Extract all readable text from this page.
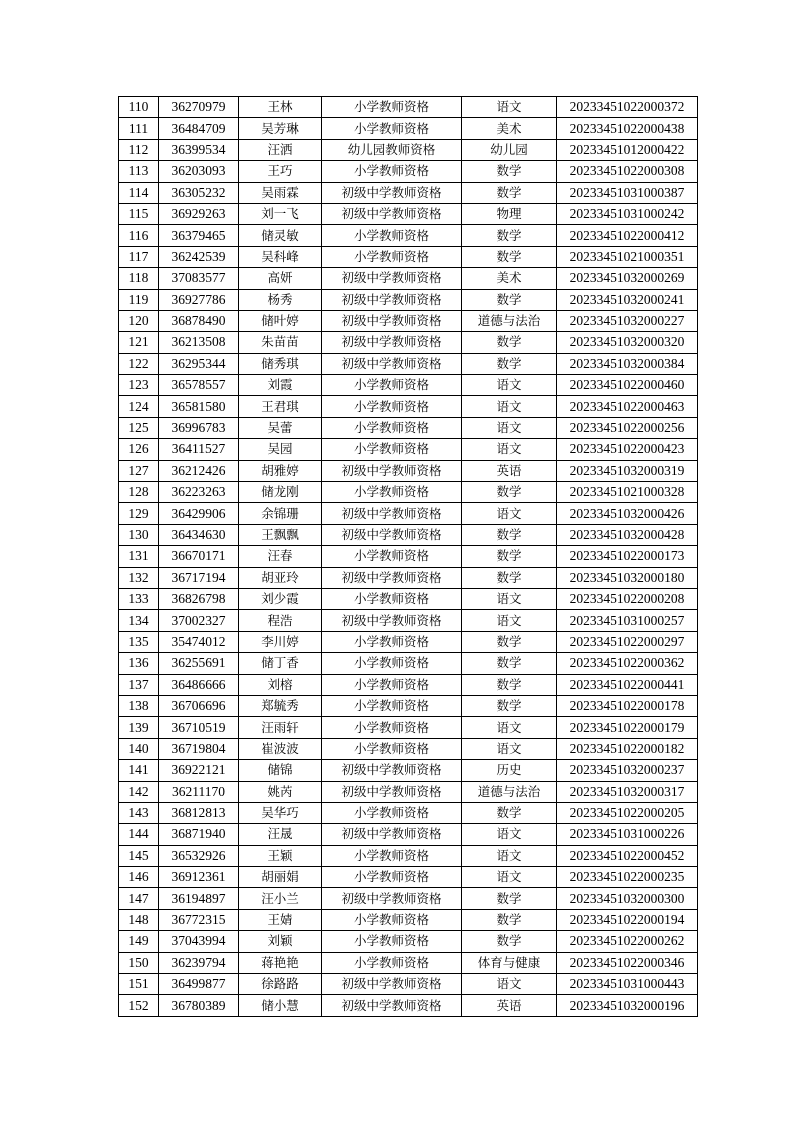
110	36270979	王林	小学教师资格	语文	20233451022000372
111	36484709	吴芳琳	小学教师资格	美术	20233451022000438
112	36399534	汪洒	幼儿园教师资格	幼儿园	20233451012000422
113	36203093	王巧	小学教师资格	数学	20233451022000308
114	36305232	吴雨霖	初级中学教师资格	数学	20233451031000387
115	36929263	刘一飞	初级中学教师资格	物理	20233451031000242
116	36379465	储灵敏	小学教师资格	数学	20233451022000412
117	36242539	吴科峰	小学教师资格	数学	20233451021000351
118	37083577	高妍	初级中学教师资格	美术	20233451032000269
119	36927786	杨秀	初级中学教师资格	数学	20233451032000241
120	36878490	储叶婷	初级中学教师资格	道德与法治	20233451032000227
121	36213508	朱苗苗	初级中学教师资格	数学	20233451032000320
122	36295344	储秀琪	初级中学教师资格	数学	20233451032000384
123	36578557	刘霞	小学教师资格	语文	20233451022000460
124	36581580	王君琪	小学教师资格	语文	20233451022000463
125	36996783	吴蕾	小学教师资格	语文	20233451022000256
126	36411527	吴园	小学教师资格	语文	20233451022000423
127	36212426	胡雅婷	初级中学教师资格	英语	20233451032000319
128	36223263	储龙刚	小学教师资格	数学	20233451021000328
129	36429906	余锦珊	初级中学教师资格	语文	20233451032000426
130	36434630	王飘飘	初级中学教师资格	数学	20233451032000428
131	36670171	汪春	小学教师资格	数学	20233451022000173
132	36717194	胡亚玲	初级中学教师资格	数学	20233451032000180
133	36826798	刘少霞	小学教师资格	语文	20233451022000208
134	37002327	程浩	初级中学教师资格	语文	20233451031000257
135	35474012	李川婷	小学教师资格	数学	20233451022000297
136	36255691	储丁香	小学教师资格	数学	20233451022000362
137	36486666	刘榕	小学教师资格	数学	20233451022000441
138	36706696	郑毓秀	小学教师资格	数学	20233451022000178
139	36710519	汪雨轩	小学教师资格	语文	20233451022000179
140	36719804	崔波波	小学教师资格	语文	20233451022000182
141	36922121	储锦	初级中学教师资格	历史	20233451032000237
142	36211170	姚芮	初级中学教师资格	道德与法治	20233451032000317
143	36812813	吴华巧	小学教师资格	数学	20233451022000205
144	36871940	汪晟	初级中学教师资格	语文	20233451031000226
145	36532926	王颖	小学教师资格	语文	20233451022000452
146	36912361	胡丽娟	小学教师资格	语文	20233451022000235
147	36194897	汪小兰	初级中学教师资格	数学	20233451032000300
148	36772315	王婧	小学教师资格	数学	20233451022000194
149	37043994	刘颖	小学教师资格	数学	20233451022000262
150	36239794	蒋艳艳	小学教师资格	体育与健康	20233451022000346
151	36499877	徐路路	初级中学教师资格	语文	20233451031000443
152	36780389	储小慧	初级中学教师资格	英语	20233451032000196
